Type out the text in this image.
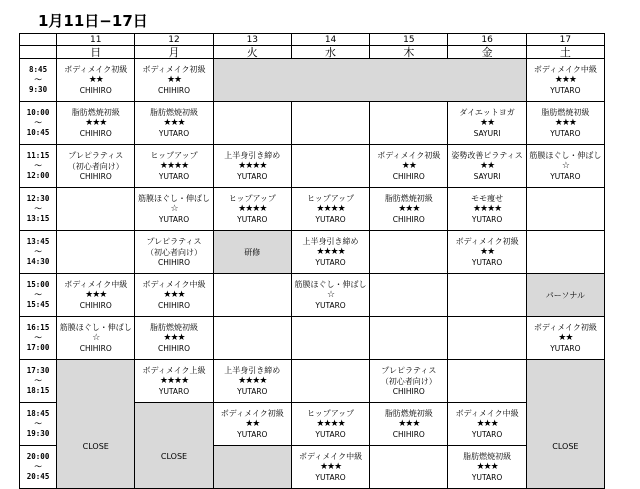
1月11日−17日
	11	12	13	14	15	16	17
	日	月	火	水	木	金	土

8:45
～
9:30	ボディメイク初級
★★
CHIHIRO	ボディメイク初級
★★
CHIHIRO					ボディメイク中級
★★★
YUTARO

10:00
～
10:45	脂肪燃焼初級
★★★
CHIHIRO	脂肪燃焼初級
★★★
YUTARO				ダイエットヨガ
★★
SAYURI	脂肪燃焼初級
★★★
YUTARO

11:15
～
12:00	プレピラティス
（初心者向け）
CHIHIRO	ヒップアップ
★★★★
YUTARO	上半身引き締め
★★★★
YUTARO		ボディメイク初級
★★
CHIHIRO	姿勢改善ピラティス
★★
SAYURI	筋膜ほぐし・伸ばし
☆
YUTARO

12:30
～
13:15		筋膜ほぐし・伸ばし
☆
YUTARO	ヒップアップ
★★★★
YUTARO	ヒップアップ
★★★★
YUTARO	脂肪燃焼初級
★★★
CHIHIRO	モモ痩せ
★★★★
YUTARO	

13:45
～
14:30		プレピラティス
（初心者向け）
CHIHIRO	研修	上半身引き締め
★★★★
YUTARO		ボディメイク初級
★★
YUTARO	

15:00
～
15:45	ボディメイク中級
★★★
CHIHIRO	ボディメイク中級
★★★
CHIHIRO		筋膜ほぐし・伸ばし
☆
YUTARO			パーソナル

16:15
～
17:00	筋膜ほぐし・伸ばし
☆
CHIHIRO	脂肪燃焼初級
★★★
CHIHIRO					ボディメイク初級
★★
YUTARO

17:30
～
18:15	CLOSE	ボディメイク上級
★★★★
YUTARO	上半身引き締め
★★★★
YUTARO		プレピラティス
（初心者向け）
CHIHIRO		CLOSE

18:45
～
19:30		CLOSE	ボディメイク初級
★★
YUTARO	ヒップアップ
★★★★
YUTARO	脂肪燃焼初級
★★★
CHIHIRO	ボディメイク中級
★★★
YUTARO	

20:00
～
20:45				ボディメイク中級
★★★
YUTARO		脂肪燃焼初級
★★★
YUTARO	
